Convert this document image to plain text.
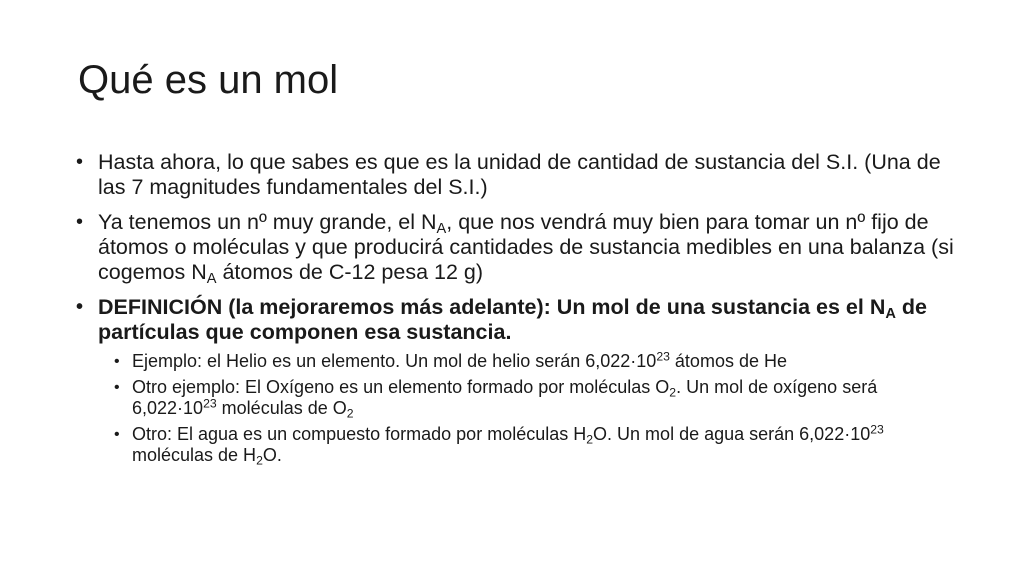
Qué es un mol
• Hasta ahora, lo que sabes es que es la unidad de cantidad de sustancia del S.I. (Una de las 7 magnitudes fundamentales del S.I.)
• Ya tenemos un nº muy grande, el $N_A$, que nos vendrá muy bien para tomar un nº fijo de átomos o moléculas y que producirá cantidades de sustancia medibles en una balanza (si cogemos $N_A$ átomos de C-12 pesa 12 g)
• DEFINICIÓN (la mejoraremos más adelante): Un mol de una sustancia es el $N_A$ de partículas que componen esa sustancia.
• Ejemplo: el Helio es un elemento. Un mol de helio serán $6,022\cdot 10^{23}$ átomos de He
• Otro ejemplo: El Oxígeno es un elemento formado por moléculas $O_2$. Un mol de oxígeno será $6,022\cdot 10^{23}$ moléculas de $O_2$
• Otro: El agua es un compuesto formado por moléculas $H_2O$. Un mol de agua serán $6,022\cdot 10^{23}$ moléculas de $H_2O$.
